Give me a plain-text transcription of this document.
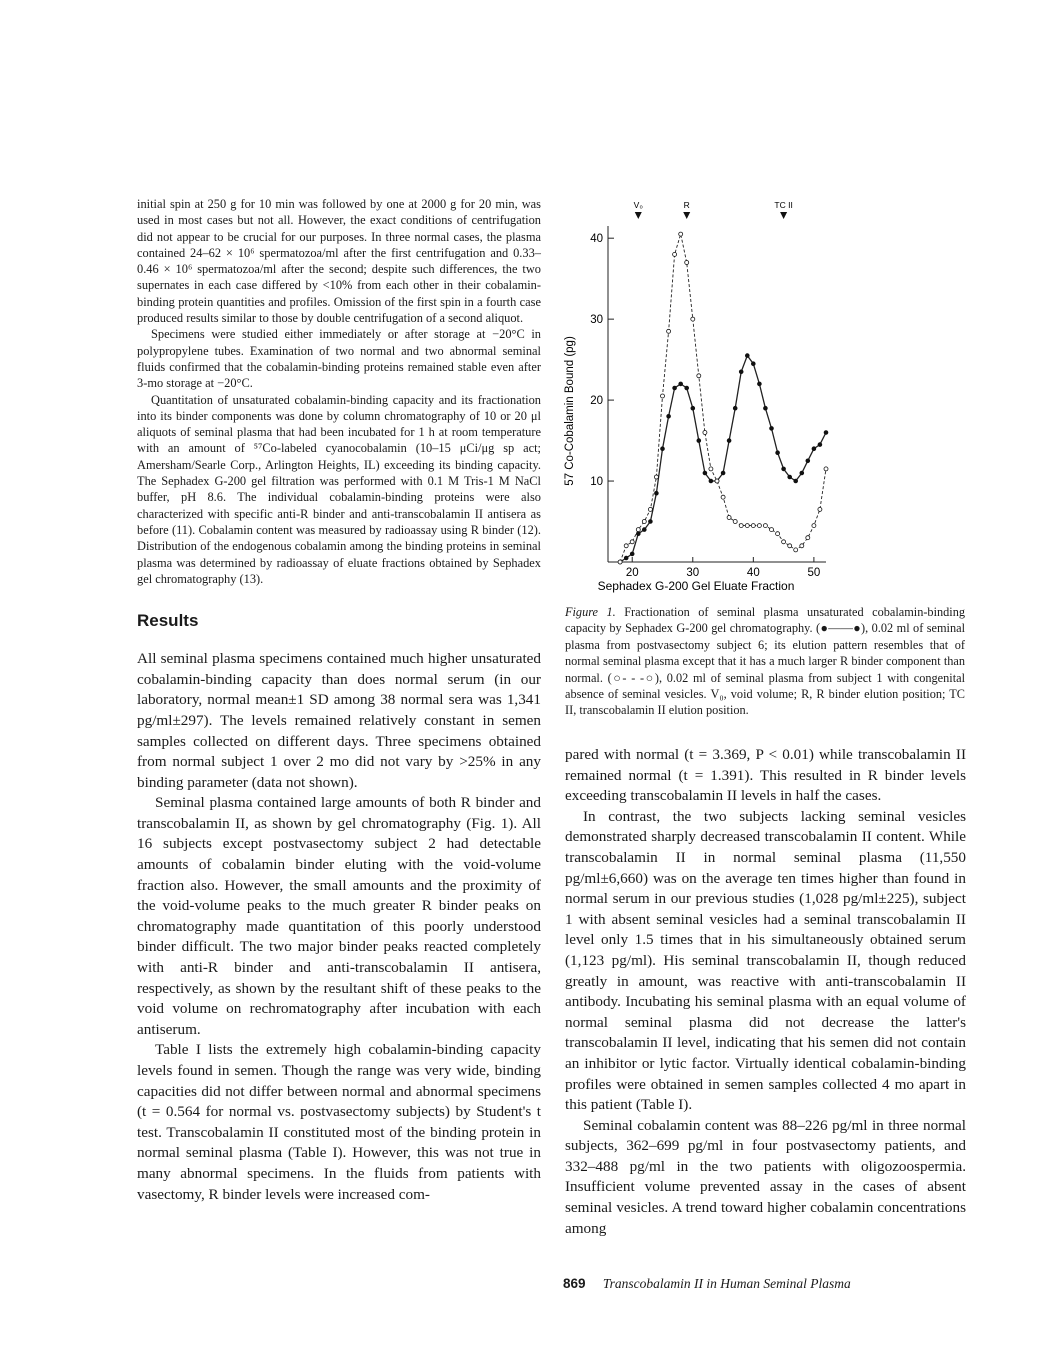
initial spin at 250 g for 10 min was followed by one at 2000 g for 20 min, was used in most cases but not all. However, the exact conditions of centrifugation did not appear to be crucial for our purposes. In three normal cases, the plasma contained 24–62 × 10⁶ spermatozoa/ml after the first centrifugation and 0.33–0.46 × 10⁶ spermatozoa/ml after the second; despite such differences, the two supernates in each case differed by <10% from each other in their cobalamin-binding protein quantities and profiles. Omission of the first spin in a fourth case produced results similar to those by double centrifugation of a second aliquot.

Specimens were studied either immediately or after storage at −20°C in polypropylene tubes. Examination of two normal and two abnormal seminal fluids confirmed that the cobalamin-binding proteins remained stable even after 3-mo storage at −20°C.

Quantitation of unsaturated cobalamin-binding capacity and its fractionation into its binder components was done by column chromatography of 10 or 20 μl aliquots of seminal plasma that had been incubated for 1 h at room temperature with an amount of ⁵⁷Co-labeled cyanocobalamin (10–15 μCi/μg sp act; Amersham/Searle Corp., Arlington Heights, IL) exceeding its binding capacity. The Sephadex G-200 gel filtration was performed with 0.1 M Tris-1 M NaCl buffer, pH 8.6. The individual cobalamin-binding proteins were also characterized with specific anti-R binder and anti-transcobalamin II antisera as before (11). Cobalamin content was measured by radioassay using R binder (12). Distribution of the endogenous cobalamin among the binding proteins in seminal plasma was determined by radioassay of eluate fractions obtained by Sephadex gel chromatography (13).

Results

All seminal plasma specimens contained much higher unsaturated cobalamin-binding capacity than does normal serum (in our laboratory, normal mean±1 SD among 38 normal sera was 1,341 pg/ml±297). The levels remained relatively constant in semen samples collected on different days. Three specimens obtained from normal subject 1 over 2 mo did not vary by >25% in any binding parameter (data not shown).

Seminal plasma contained large amounts of both R binder and transcobalamin II, as shown by gel chromatography (Fig. 1). All 16 subjects except postvasectomy subject 2 had detectable amounts of cobalamin binder eluting with the void-volume fraction also. However, the small amounts and the proximity of the void-volume peaks to the much greater R binder peaks on chromatography made quantitation of this poorly understood binder difficult. The two major binder peaks reacted completely with anti-R binder and anti-transcobalamin II antisera, respectively, as shown by the resultant shift of these peaks to the void volume on rechromatography after incubation with each antiserum.

Table I lists the extremely high cobalamin-binding capacity levels found in semen. Though the range was very wide, binding capacities did not differ between normal and abnormal specimens (t = 0.564 for normal vs. postvasectomy subjects) by Student's t test. Transcobalamin II constituted most of the binding protein in normal seminal plasma (Table I). However, this was not true in many abnormal specimens. In the fluids from patients with vasectomy, R binder levels were increased com-

20	30	40	50
10
20
30
40
V₀	R	TC II
Sephadex G-200 Gel Eluate Fraction
57 Co-Cobalamin Bound (pg)
Figure 1. Fractionation of seminal plasma unsaturated cobalamin-binding capacity by Sephadex G-200 gel chromatography. (●——●), 0.02 ml of seminal plasma from postvasectomy subject 6; its elution pattern resembles that of normal seminal plasma except that it has a much larger R binder component than normal. (○- - -○), 0.02 ml of seminal plasma from subject 1 with congenital absence of seminal vesicles. V₀, void volume; R, R binder elution position; TC II, transcobalamin II elution position.

pared with normal (t = 3.369, P < 0.01) while transcobalamin II remained normal (t = 1.391). This resulted in R binder levels exceeding transcobalamin II levels in half the cases.

In contrast, the two subjects lacking seminal vesicles demonstrated sharply decreased transcobalamin II content. While transcobalamin II in normal seminal plasma (11,550 pg/ml±6,660) was on the average ten times higher than found in normal serum in our previous studies (1,028 pg/ml±225), subject 1 with absent seminal vesicles had a seminal transcobalamin II level only 1.5 times that in his simultaneously obtained serum (1,123 pg/ml). His seminal transcobalamin II, though reduced greatly in amount, was reactive with anti-transcobalamin II antibody. Incubating his seminal plasma with an equal volume of normal seminal plasma did not decrease the latter's transcobalamin II level, indicating that his semen did not contain an inhibitor or lytic factor. Virtually identical cobalamin-binding profiles were obtained in semen samples collected 4 mo apart in this patient (Table I).

Seminal cobalamin content was 88–226 pg/ml in three normal subjects, 362–699 pg/ml in four postvasectomy patients, and 332–488 pg/ml in the two patients with oligozoospermia. Insufficient volume prevented assay in the cases of absent seminal vesicles. A trend toward higher cobalamin concentrations among

869 Transcobalamin II in Human Seminal Plasma
